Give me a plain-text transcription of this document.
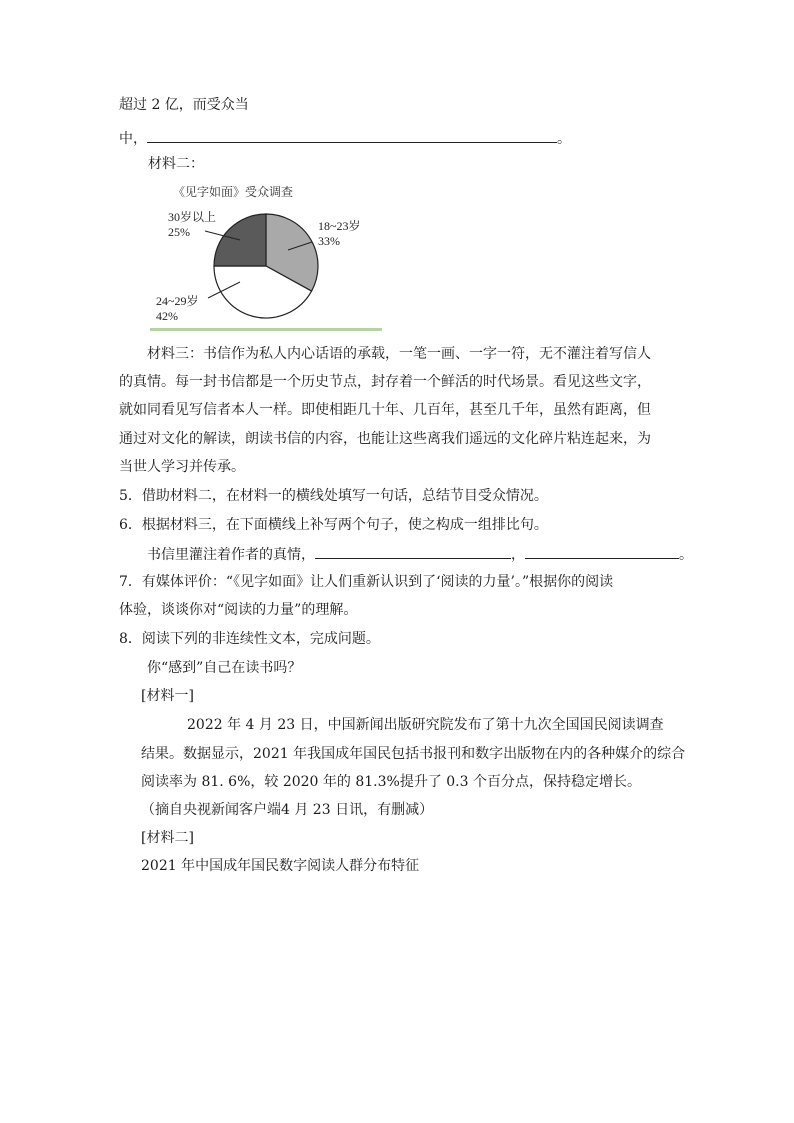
超过 2 亿，而受众当
中，	。
材料二：
《见字如面》受众调查
30岁以上
25%	18~23岁
33%
24~29岁
42%
材料三：书信作为私人内心话语的承载，一笔一画、一字一符，无不灌注着写信人
的真情。每一封书信都是一个历史节点，封存着一个鲜活的时代场景。看见这些文字，
就如同看见写信者本人一样。即使相距几十年、几百年，甚至几千年，虽然有距离，但
通过对文化的解读，朗读书信的内容，也能让这些离我们遥远的文化碎片粘连起来，为
当世人学习并传承。
5．借助材料二，在材料一的横线处填写一句话，总结节目受众情况。
6．根据材料三，在下面横线上补写两个句子，使之构成一组排比句。
书信里灌注着作者的真情，	，	。
7．有媒体评价：“《见字如面》让人们重新认识到了‘阅读的力量’。”根据你的阅读
体验，谈谈你对“阅读的力量”的理解。
8．阅读下列的非连续性文本，完成问题。
你“感到”自己在读书吗？
[材料一]
2022 年 4 月 23 日，中国新闻出版研究院发布了第十九次全国国民阅读调查
结果。数据显示，2021 年我国成年国民包括书报刊和数字出版物在内的各种媒介的综合
阅读率为 81. 6%，较 2020 年的 81.3%提升了 0.3 个百分点，保持稳定增长。
（摘自央视新闻客户端4 月 23 日讯，有删减）
[材料二]
2021 年中国成年国民数字阅读人群分布特征
